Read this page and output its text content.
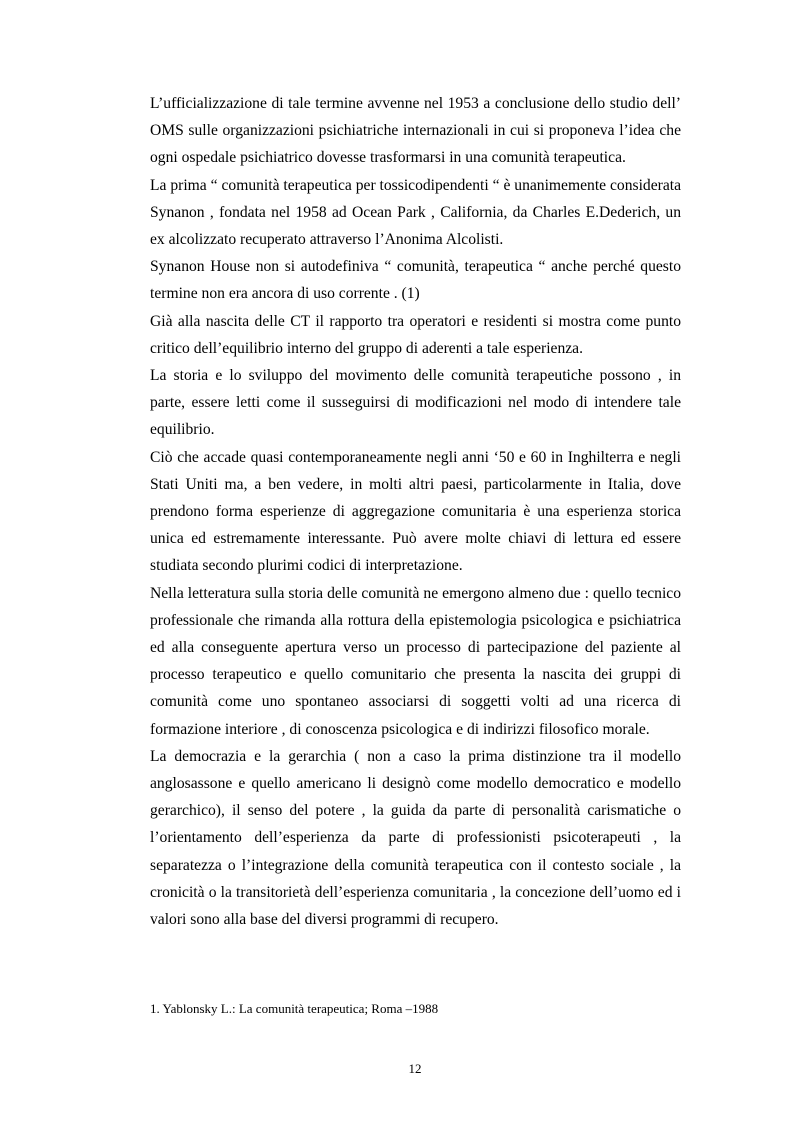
L’ufficializzazione di tale termine avvenne nel 1953 a conclusione dello studio dell’ OMS sulle organizzazioni psichiatriche internazionali in cui si proponeva l’idea che ogni ospedale psichiatrico dovesse trasformarsi in una comunità terapeutica.

La prima “ comunità terapeutica per tossicodipendenti “ è unanimemente considerata Synanon , fondata nel 1958 ad Ocean Park , California, da Charles E.Dederich, un ex alcolizzato recuperato attraverso l’Anonima Alcolisti.

Synanon House non si autodefiniva “ comunità, terapeutica “ anche perché questo termine non era ancora di uso corrente . (1)

Già alla nascita delle CT il rapporto tra operatori e residenti si mostra come punto critico dell’equilibrio interno del gruppo di aderenti a tale esperienza.

La storia e lo sviluppo del movimento delle comunità terapeutiche possono , in parte, essere letti come il susseguirsi di modificazioni nel modo di intendere tale equilibrio.

Ciò che accade quasi contemporaneamente negli anni ‘50 e 60 in Inghilterra e negli Stati Uniti ma, a ben vedere, in molti altri paesi, particolarmente in Italia, dove prendono forma esperienze di aggregazione comunitaria è una esperienza storica unica ed estremamente interessante. Può avere molte chiavi di lettura ed essere studiata secondo plurimi codici di interpretazione.

Nella letteratura sulla storia delle comunità ne emergono almeno due : quello tecnico professionale che rimanda alla rottura della epistemologia psicologica e psichiatrica ed alla conseguente apertura verso un processo di partecipazione del paziente al processo terapeutico e quello comunitario che presenta la nascita dei gruppi di comunità come uno spontaneo associarsi di soggetti volti ad una ricerca di formazione interiore , di conoscenza psicologica e di indirizzi filosofico morale.

La democrazia e la gerarchia ( non a caso la prima distinzione tra il modello anglosassone e quello americano li designò come modello democratico e modello gerarchico), il senso del potere , la guida da parte di personalità carismatiche o l’orientamento dell’esperienza da parte di professionisti psicoterapeuti , la separatezza o l’integrazione della comunità terapeutica con il contesto sociale , la cronicità o la transitorietà dell’esperienza comunitaria , la concezione dell’uomo ed i valori sono alla base del diversi programmi di recupero.

1. Yablonsky L.: La comunità terapeutica; Roma –1988
12
